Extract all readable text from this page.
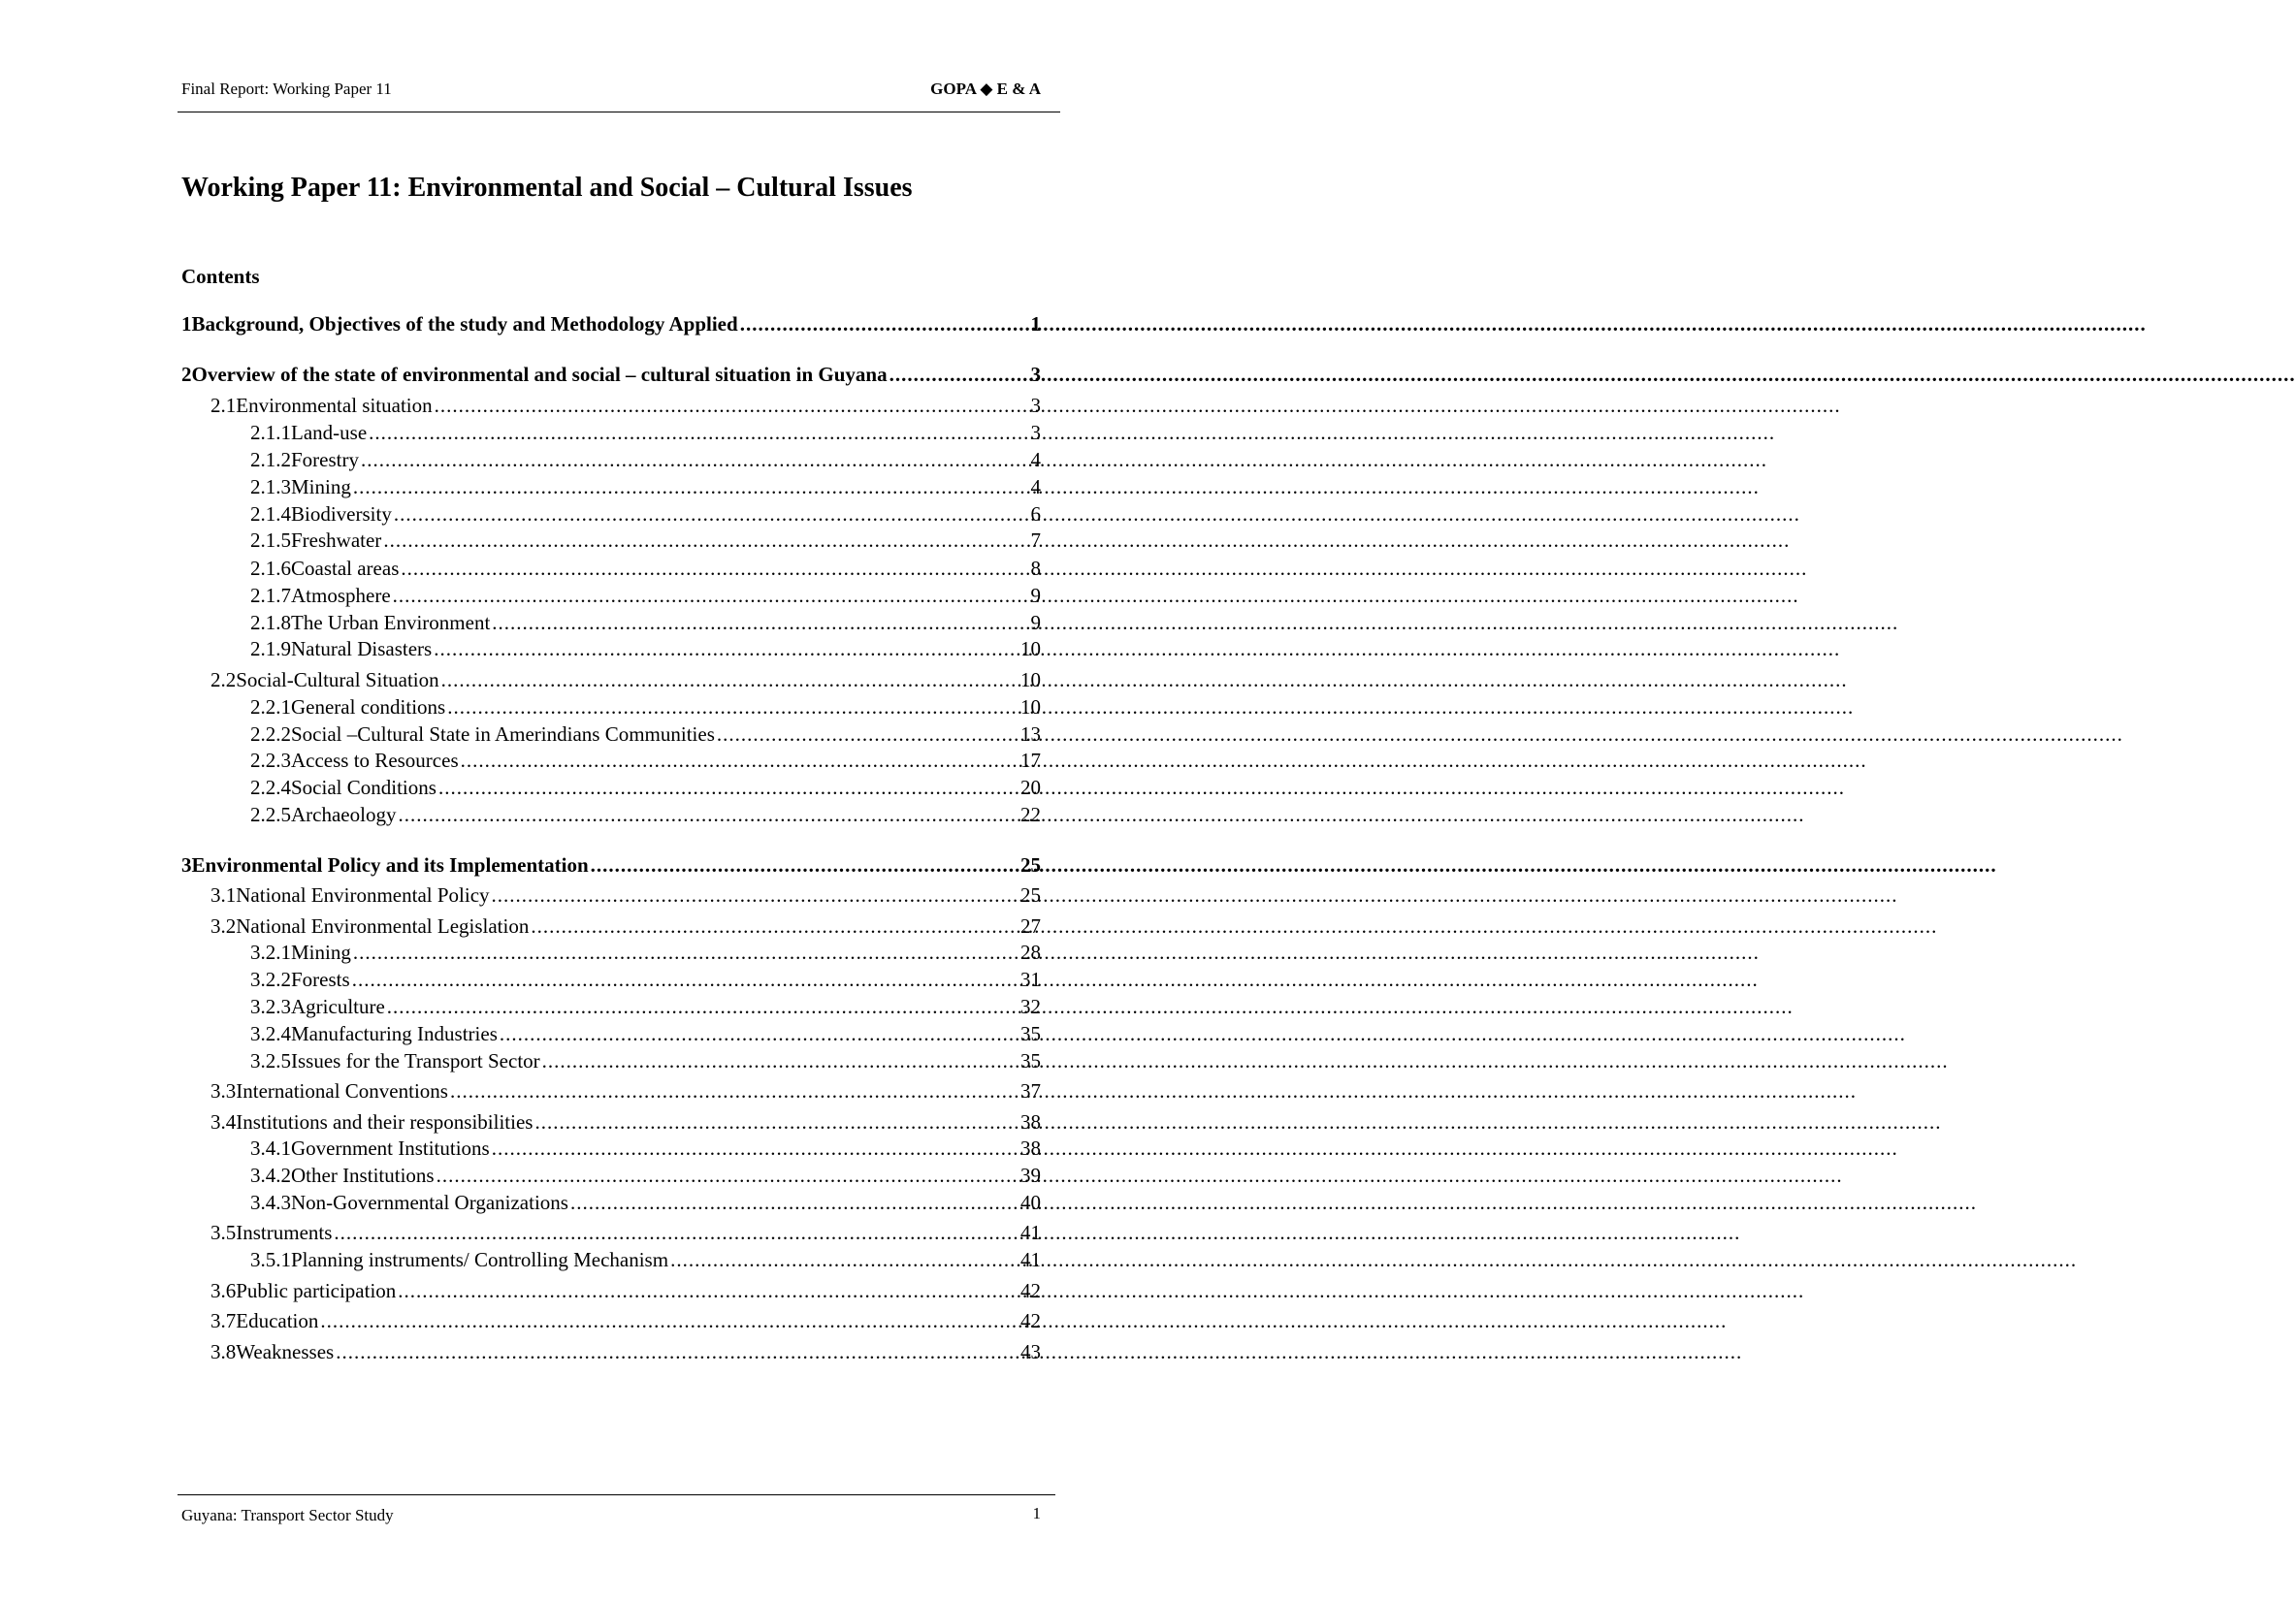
Final Report: Working Paper 11	GOPA ◆ E & A
Working Paper 11: Environmental and Social – Cultural Issues
Contents
1 Background, Objectives of the study and Methodology Applied .....	1
2 Overview of the state of environmental and social – cultural situation in Guyana .....	3
2.1 Environmental situation .....	3
2.1.1 Land-use .....	3
2.1.2 Forestry .....	4
2.1.3 Mining .....	4
2.1.4 Biodiversity .....	6
2.1.5 Freshwater .....	7
2.1.6 Coastal areas .....	8
2.1.7 Atmosphere .....	9
2.1.8 The Urban Environment .....	9
2.1.9 Natural Disasters .....	10
2.2 Social-Cultural Situation .....	10
2.2.1 General conditions .....	10
2.2.2 Social –Cultural State in Amerindians Communities .....	13
2.2.3 Access to Resources .....	17
2.2.4 Social Conditions .....	20
2.2.5 Archaeology .....	22
3 Environmental Policy and its Implementation .....	25
3.1 National Environmental Policy .....	25
3.2 National Environmental Legislation .....	27
3.2.1 Mining .....	28
3.2.2 Forests .....	31
3.2.3 Agriculture .....	32
3.2.4 Manufacturing Industries .....	35
3.2.5 Issues for the Transport Sector .....	35
3.3 International Conventions .....	37
3.4 Institutions and their responsibilities .....	38
3.4.1 Government Institutions .....	38
3.4.2 Other Institutions .....	39
3.4.3 Non-Governmental Organizations .....	40
3.5 Instruments .....	41
3.5.1 Planning instruments/ Controlling Mechanism .....	41
3.6 Public participation .....	42
3.7 Education .....	42
3.8 Weaknesses .....	43
Guyana: Transport Sector Study	1
